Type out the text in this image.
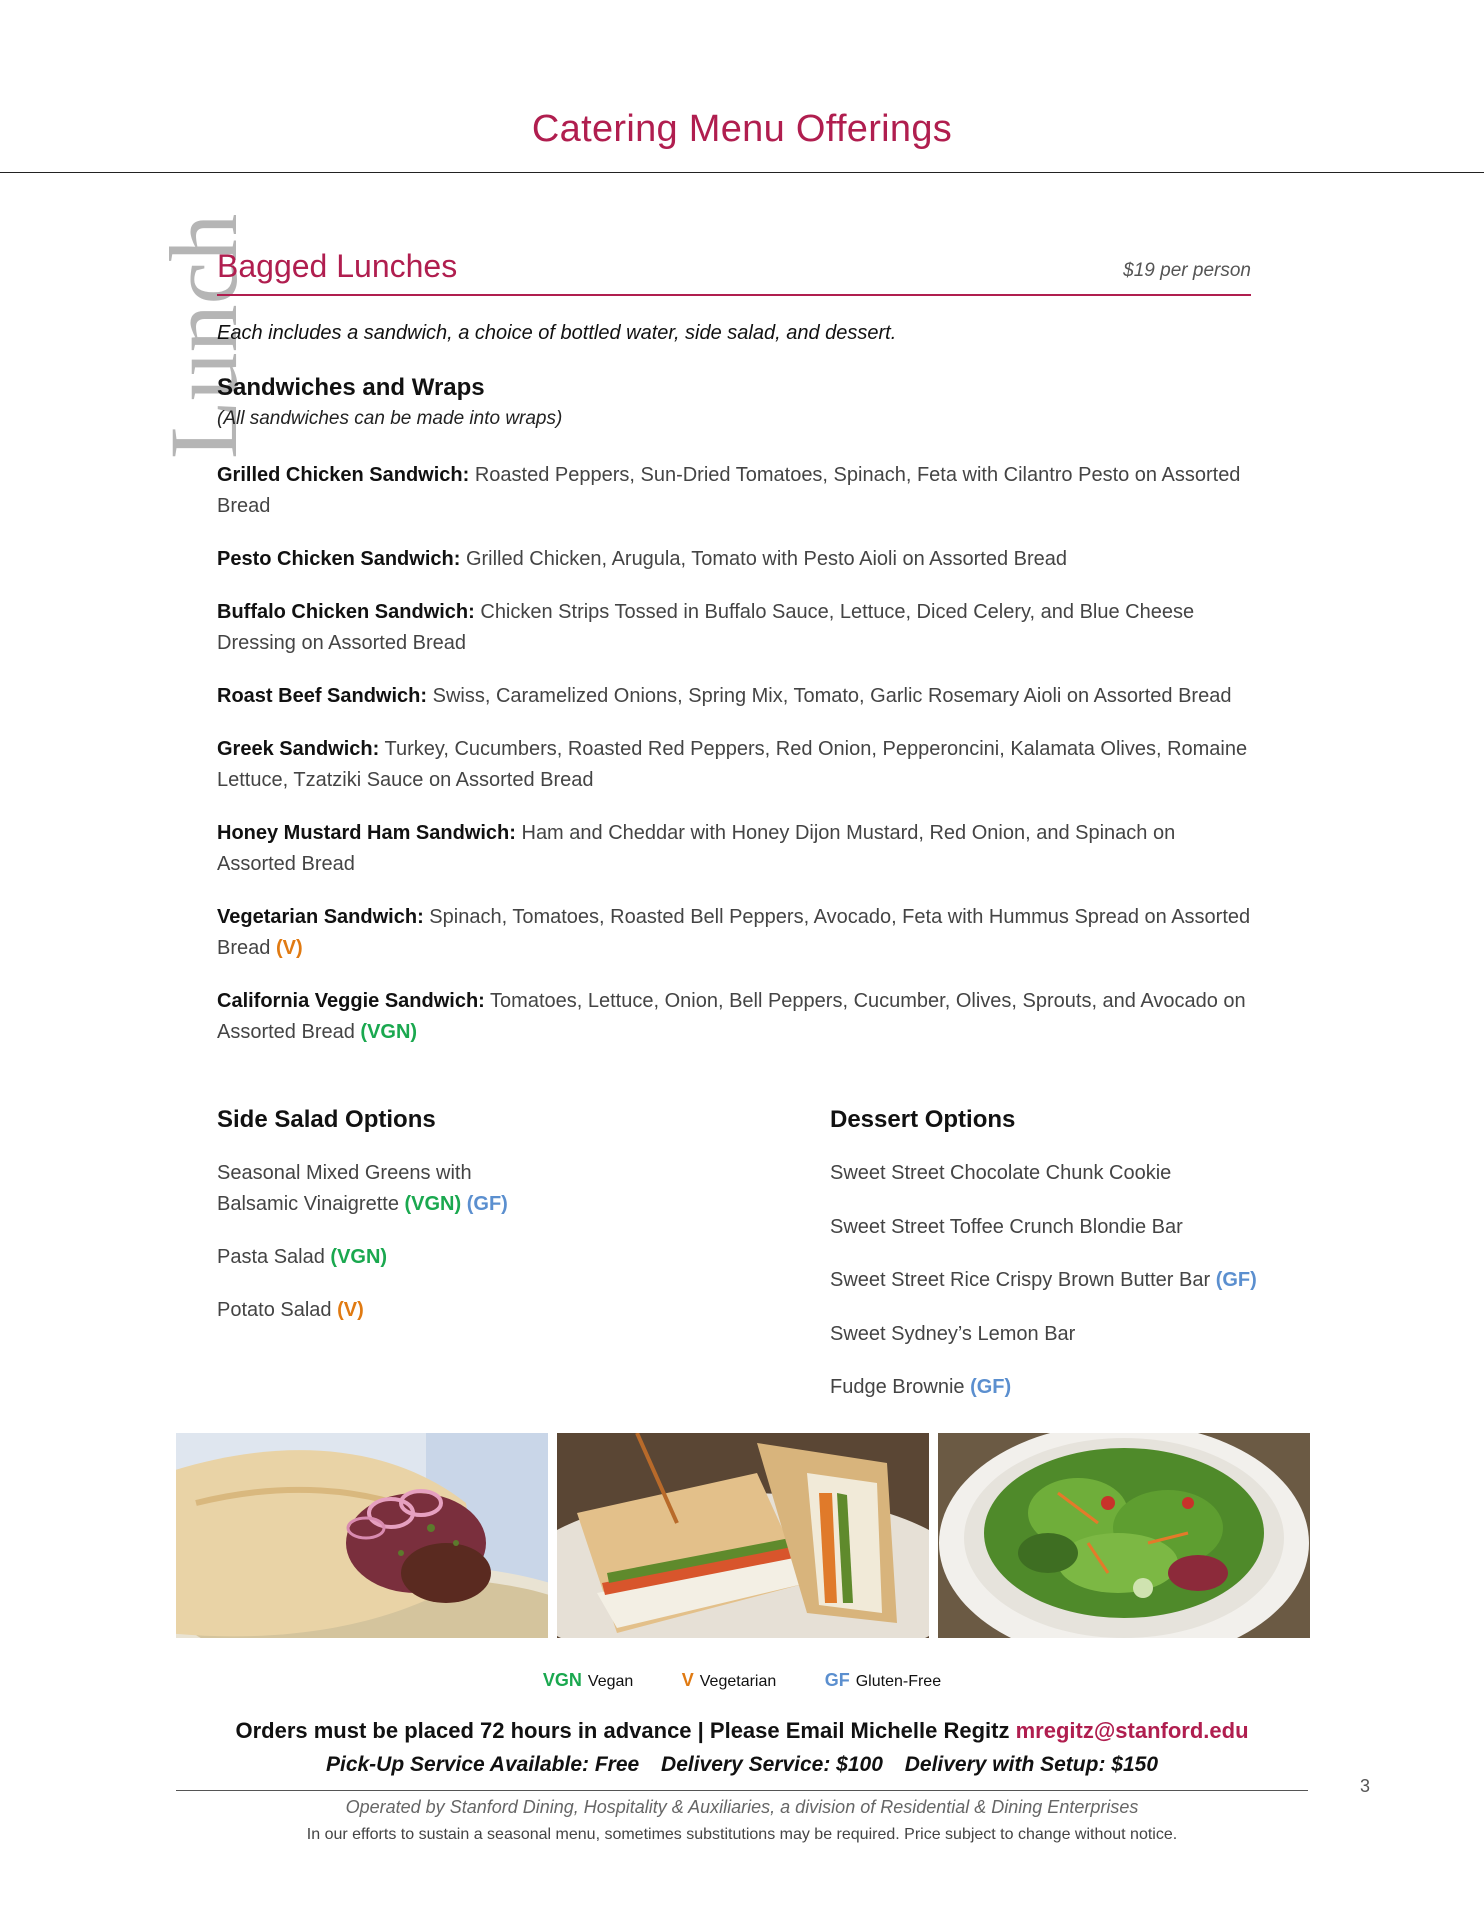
Catering Menu Offerings
Lunch
Bagged Lunches	$19 per person
Each includes a sandwich, a choice of bottled water, side salad, and dessert.
Sandwiches and Wraps
(All sandwiches can be made into wraps)

Grilled Chicken Sandwich: Roasted Peppers, Sun-Dried Tomatoes, Spinach, Feta with Cilantro Pesto on Assorted Bread

Pesto Chicken Sandwich: Grilled Chicken, Arugula, Tomato with Pesto Aioli on Assorted Bread

Buffalo Chicken Sandwich: Chicken Strips Tossed in Buffalo Sauce, Lettuce, Diced Celery, and Blue Cheese Dressing on Assorted Bread

Roast Beef Sandwich: Swiss, Caramelized Onions, Spring Mix, Tomato, Garlic Rosemary Aioli on Assorted Bread

Greek Sandwich: Turkey, Cucumbers, Roasted Red Peppers, Red Onion, Pepperoncini, Kalamata Olives, Romaine Lettuce, Tzatziki Sauce on Assorted Bread

Honey Mustard Ham Sandwich: Ham and Cheddar with Honey Dijon Mustard, Red Onion, and Spinach on Assorted Bread

Vegetarian Sandwich: Spinach, Tomatoes, Roasted Bell Peppers, Avocado, Feta with Hummus Spread on Assorted Bread (V)

California Veggie Sandwich: Tomatoes, Lettuce, Onion, Bell Peppers, Cucumber, Olives, Sprouts, and Avocado on Assorted Bread (VGN)

Side Salad Options
Seasonal Mixed Greens with Balsamic Vinaigrette (VGN) (GF)
Pasta Salad (VGN)
Potato Salad (V)
Dessert Options
Sweet Street Chocolate Chunk Cookie
Sweet Street Toffee Crunch Blondie Bar
Sweet Street Rice Crispy Brown Butter Bar (GF)
Sweet Sydney’s Lemon Bar
Fudge Brownie (GF)
VGN Vegan	V Vegetarian	GF Gluten-Free
Orders must be placed 72 hours in advance | Please Email Michelle Regitz mregitz@stanford.edu
Pick-Up Service Available: Free Delivery Service: $100 Delivery with Setup: $150
Operated by Stanford Dining, Hospitality & Auxiliaries, a division of Residential & Dining Enterprises
In our efforts to sustain a seasonal menu, sometimes substitutions may be required. Price subject to change without notice.
3
